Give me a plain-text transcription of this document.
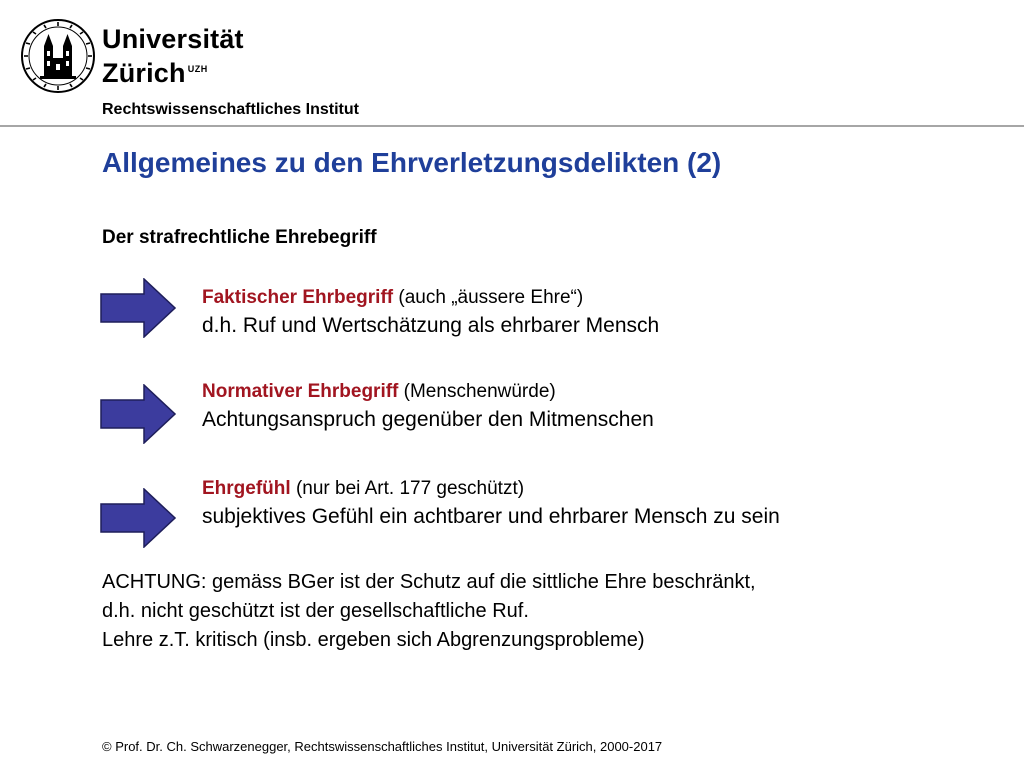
Universität
Zürich $^{UZH}$
Rechtswissenschaftliches Institut
Allgemeines zu den Ehrverletzungsdelikten (2)
Der strafrechtliche Ehrebegriff
Faktischer Ehrbegriff (auch „äussere Ehre“)
d.h. Ruf und Wertschätzung als ehrbarer Mensch
Normativer Ehrbegriff (Menschenwürde)
Achtungsanspruch gegenüber den Mitmenschen
Ehrgefühl (nur bei Art. 177 geschützt)
subjektives Gefühl ein achtbarer und ehrbarer Mensch zu sein
ACHTUNG: gemäss BGer ist der Schutz auf die sittliche Ehre beschränkt,
d.h. nicht geschützt ist der gesellschaftliche Ruf.
Lehre z.T. kritisch (insb. ergeben sich Abgrenzungsprobleme)
© Prof. Dr. Ch. Schwarzenegger, Rechtswissenschaftliches Institut, Universität Zürich, 2000-2017
